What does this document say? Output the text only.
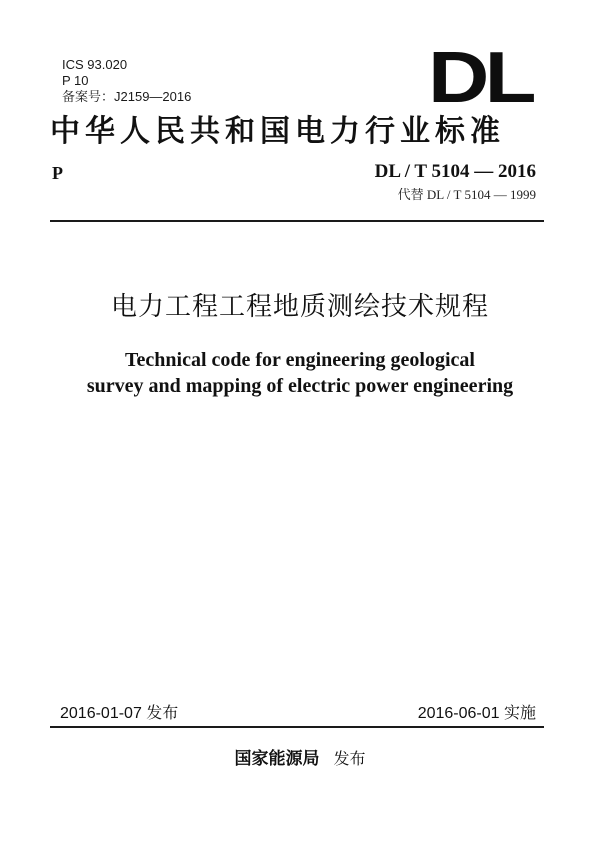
ICS 93.020
P 10
备案号：J2159—2016	DL
中华人民共和国电力行业标准
P	DL / T 5104 — 2016
代替 DL / T 5104 — 1999
电力工程工程地质测绘技术规程
Technical code for engineering geological
survey and mapping of electric power engineering
2016-01-07 发布	2016-06-01 实施
国家能源局 发布
